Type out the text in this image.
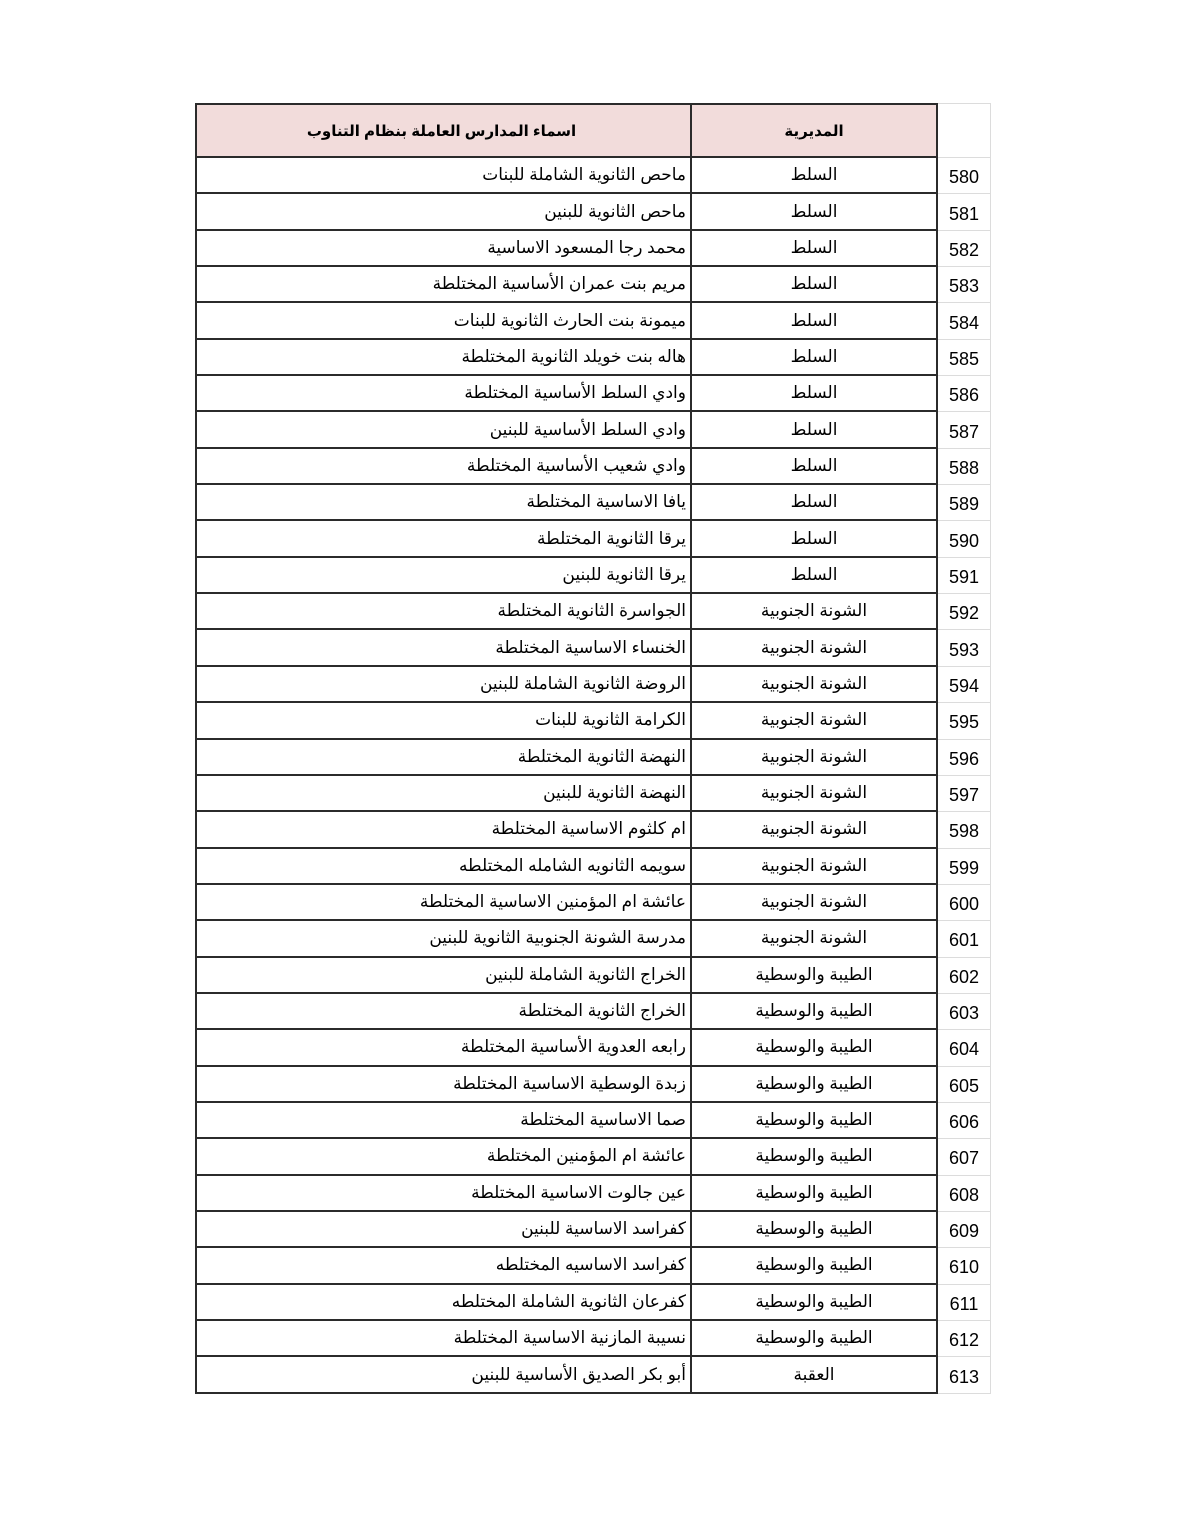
اسماء المدارس العاملة بنظام التناوب	المديرية
ماحص الثانوية الشاملة للبنات	السلط	580
ماحص الثانوية للبنين	السلط	581
محمد رجا المسعود الاساسية	السلط	582
مريم بنت عمران الأساسية المختلطة	السلط	583
ميمونة بنت الحارث الثانوية للبنات	السلط	584
هاله بنت خويلد الثانوية المختلطة	السلط	585
وادي السلط الأساسية المختلطة	السلط	586
وادي السلط الأساسية للبنين	السلط	587
وادي شعيب الأساسية المختلطة	السلط	588
يافا الاساسية المختلطة	السلط	589
يرقا الثانوية المختلطة	السلط	590
يرقا الثانوية للبنين	السلط	591
الجواسرة الثانوية المختلطة	الشونة الجنوبية	592
الخنساء الاساسية المختلطة	الشونة الجنوبية	593
الروضة الثانوية الشاملة للبنين	الشونة الجنوبية	594
الكرامة الثانوية للبنات	الشونة الجنوبية	595
النهضة الثانوية المختلطة	الشونة الجنوبية	596
النهضة الثانوية للبنين	الشونة الجنوبية	597
ام كلثوم الاساسية المختلطة	الشونة الجنوبية	598
سويمه الثانويه الشامله المختلطه	الشونة الجنوبية	599
عائشة ام المؤمنين الاساسية المختلطة	الشونة الجنوبية	600
مدرسة الشونة الجنوبية الثانوية للبنين	الشونة الجنوبية	601
الخراج الثانوية الشاملة للبنين	الطيبة والوسطية	602
الخراج الثانوية المختلطة	الطيبة والوسطية	603
رابعه العدوية الأساسية المختلطة	الطيبة والوسطية	604
زبدة الوسطية الاساسية المختلطة	الطيبة والوسطية	605
صما الاساسية المختلطة	الطيبة والوسطية	606
عائشة ام المؤمنين المختلطة	الطيبة والوسطية	607
عين جالوت الاساسية المختلطة	الطيبة والوسطية	608
كفراسد الاساسية للبنين	الطيبة والوسطية	609
كفراسد الاساسيه المختلطه	الطيبة والوسطية	610
كفرعان الثانوية الشاملة المختلطه	الطيبة والوسطية	611
نسيبة المازنية الاساسية المختلطة	الطيبة والوسطية	612
أبو بكر الصديق الأساسية للبنين	العقبة	613
